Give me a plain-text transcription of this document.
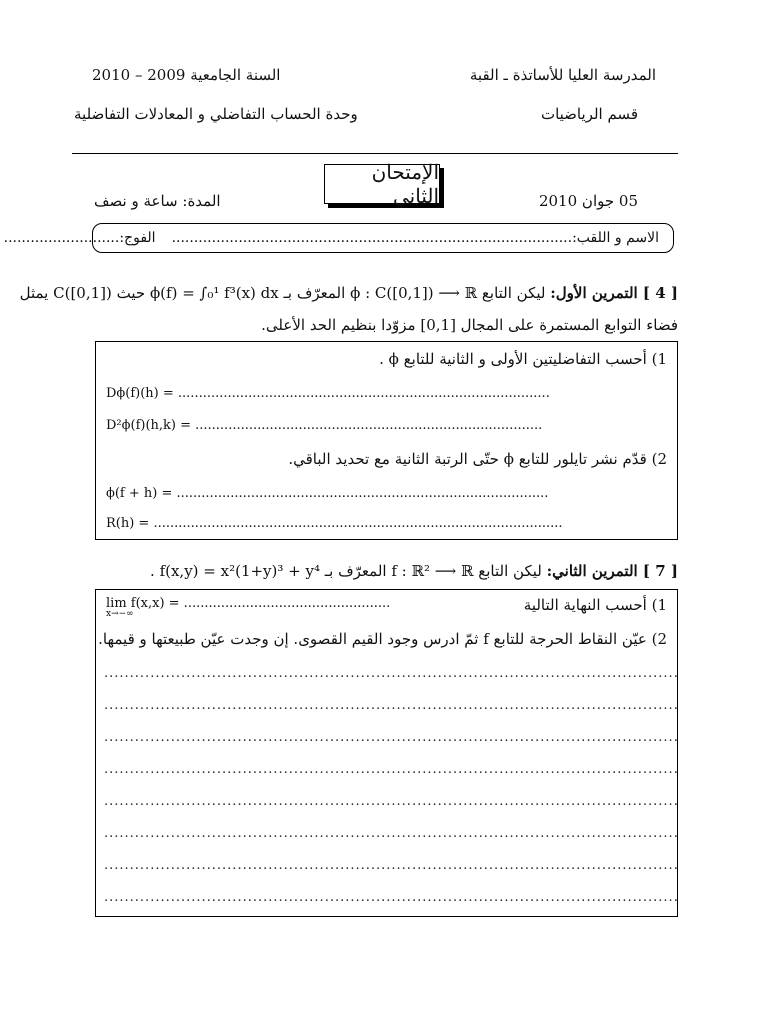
المدرسة العليا للأساتذة ـ القبة
السنة الجامعية 2009 – 2010
قسم الرياضيات
وحدة الحساب التفاضلي و المعادلات التفاضلية
الإمتحان الثاني	05 جوان 2010
المدة: ساعة و نصف
الاسم و اللقب:..........................................................................................
الفوج:..........................
[ 4 ] التمرين الأول: ليكن التابع ϕ : C([0,1]) ⟶ ℝ المعرّف بـ ϕ(f) = ∫₀¹ f³(x) dx حيث C([0,1]) يمثل
فضاء التوابع المستمرة على المجال [0,1] مزوّدا بنظيم الحد الأعلى.
1) أحسب التفاضليتين الأولى و الثانية للتابع ϕ .
Dϕ(f)(h) = ..........................................................................................
D²ϕ(f)(h,k) = ....................................................................................
2) قدّم نشر تايلور للتابع ϕ حتّى الرتبة الثانية مع تحديد الباقي.
ϕ(f + h) = ..........................................................................................
R(h) = ...................................................................................................
[ 7 ] التمرين الثاني: ليكن التابع f : ℝ² ⟶ ℝ المعرّف بـ f(x,y) = x²(1+y)³ + y⁴ .
1) أحسب النهاية التالية
lim f(x,x) = ..................................................
x→−∞
2) عيّن النقاط الحرجة للتابع f ثمّ ادرس وجود القيم القصوى. إن وجدت عيّن طبيعتها و قيمها.
................................................................................................................
................................................................................................................
................................................................................................................
................................................................................................................
................................................................................................................
................................................................................................................
................................................................................................................
................................................................................................................
